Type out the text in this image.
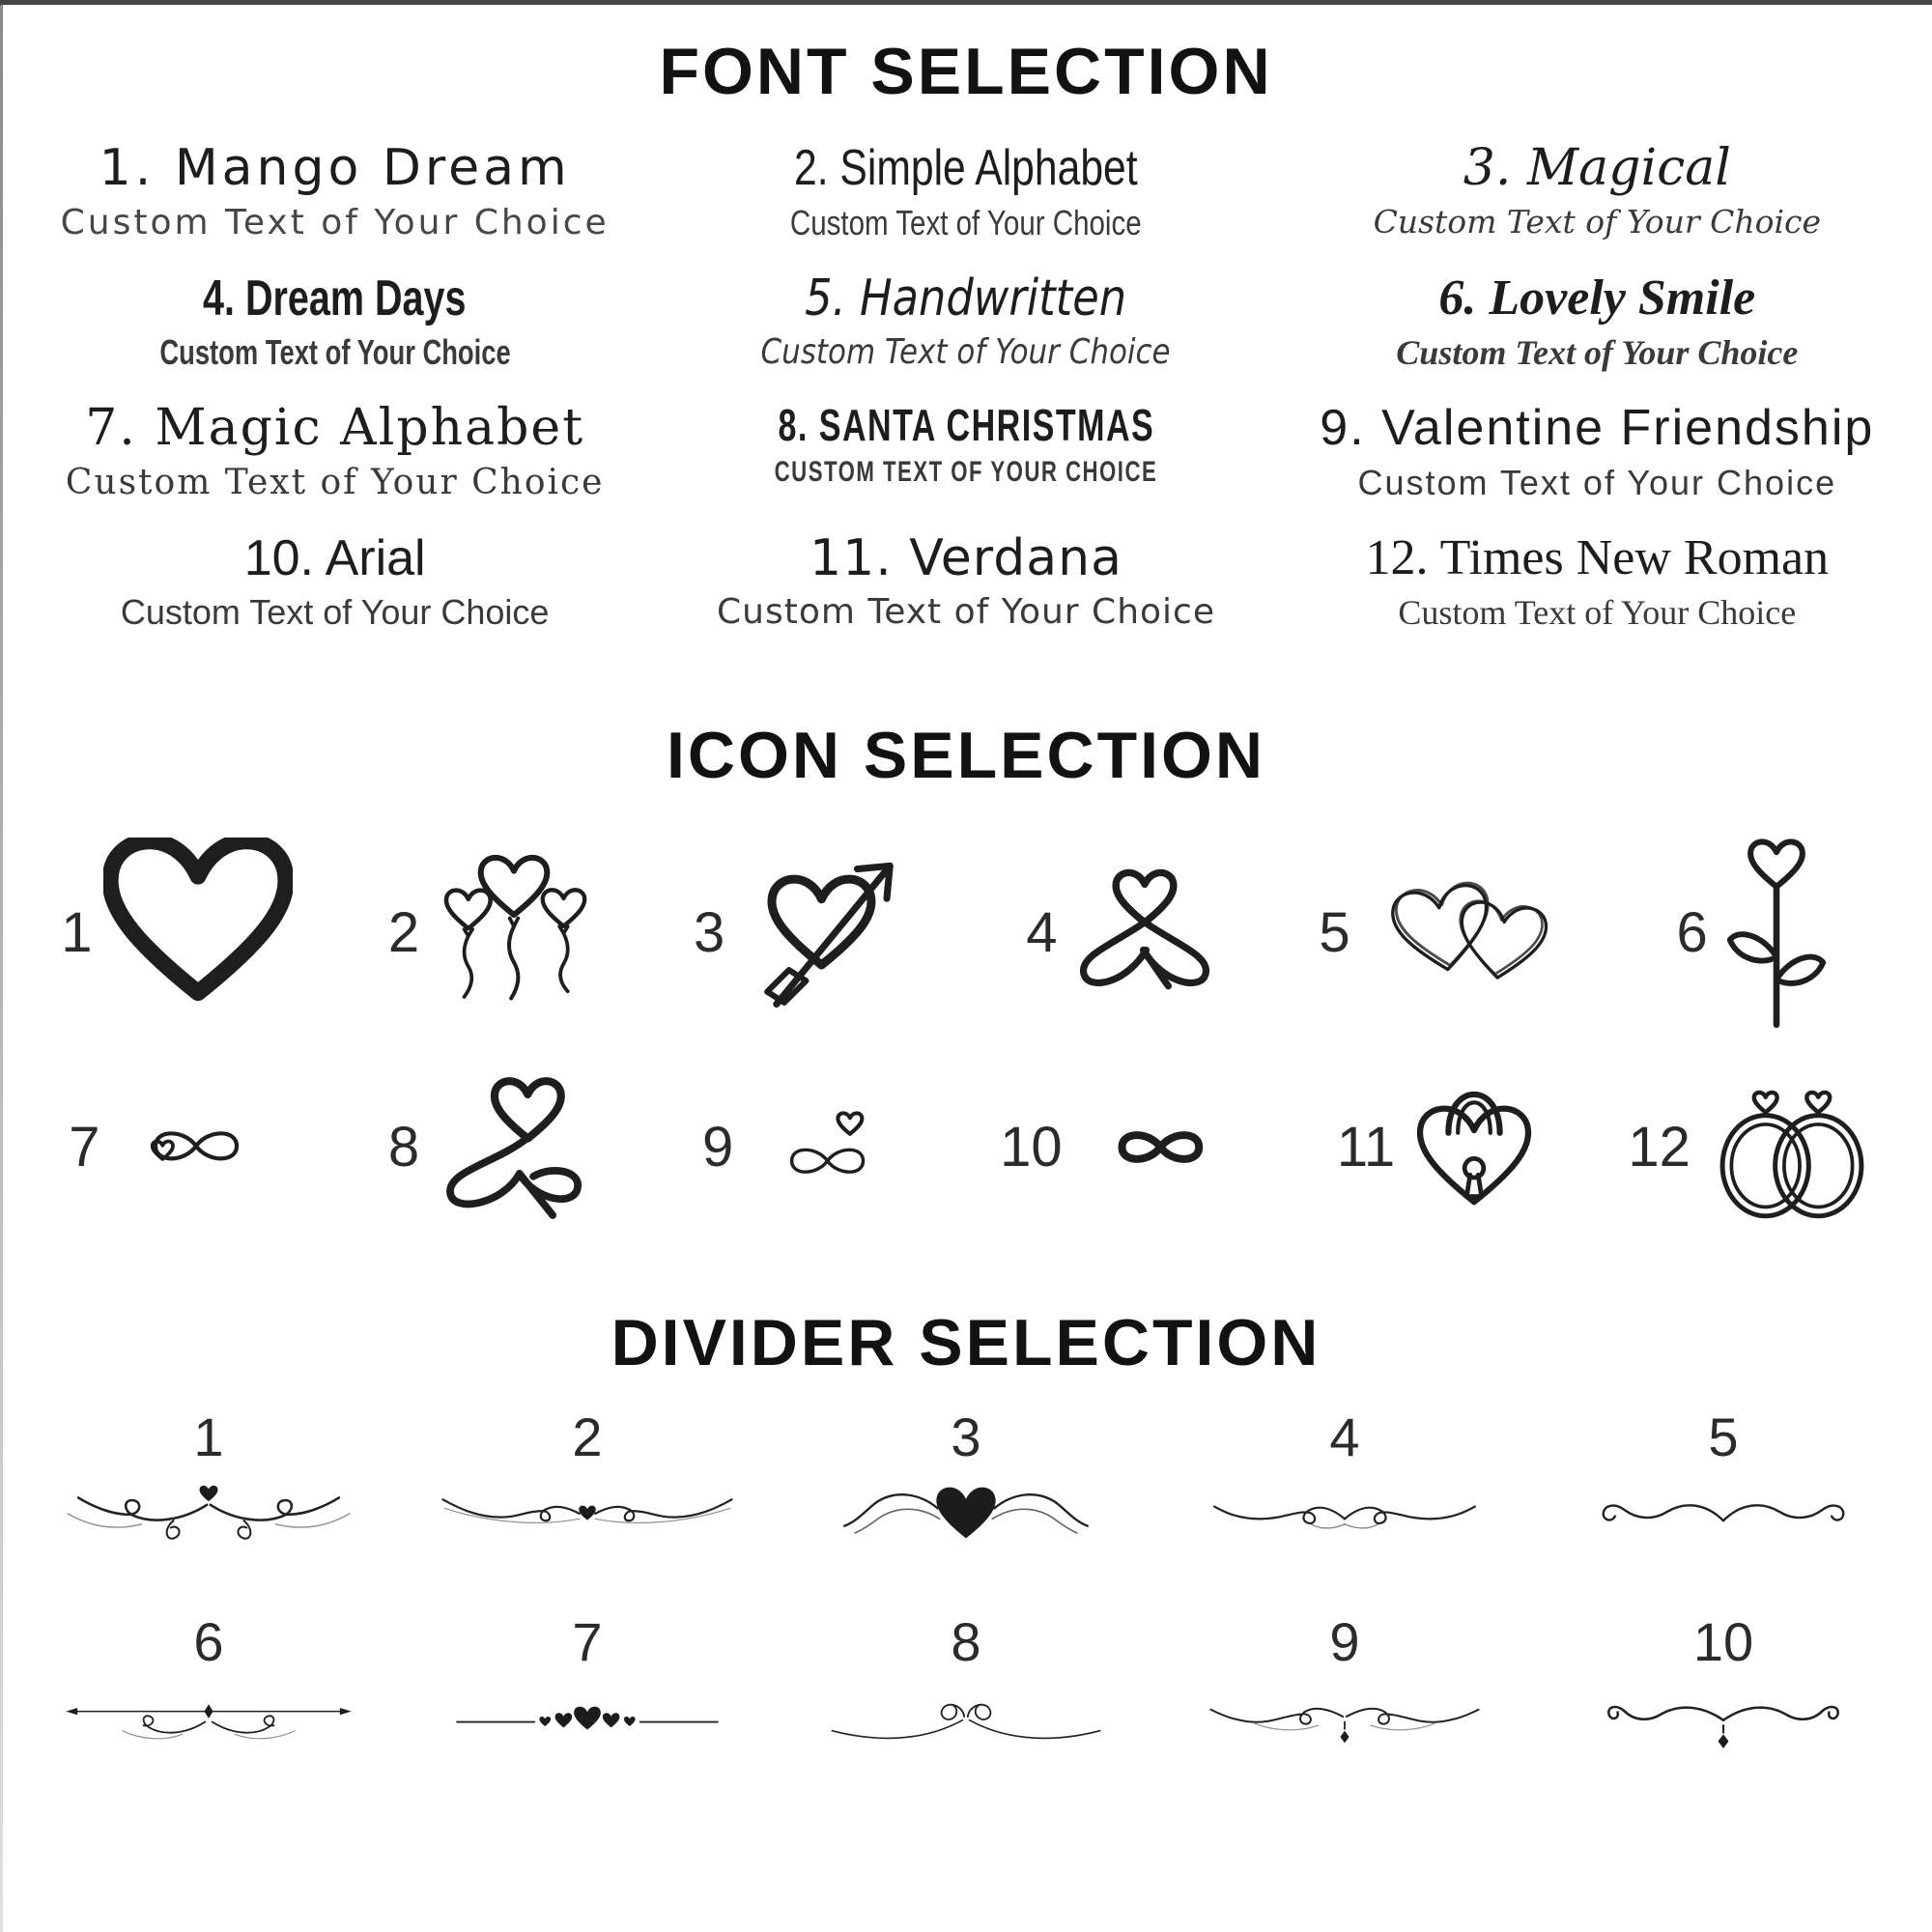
FONT SELECTION
1. Mango Dream
Custom Text of Your Choice
2. Simple Alphabet
Custom Text of Your Choice
3. Magical
Custom Text of Your Choice
4. Dream Days
Custom Text of Your Choice
5. Handwritten
Custom Text of Your Choice
6. Lovely Smile
Custom Text of Your Choice
7. Magic Alphabet
Custom Text of Your Choice
8. SANTA CHRISTMAS
CUSTOM TEXT OF YOUR CHOICE
9. Valentine Friendship
Custom Text of Your Choice
10. Arial
Custom Text of Your Choice
11. Verdana
Custom Text of Your Choice
12. Times New Roman
Custom Text of Your Choice
ICON SELECTION
1	2	3	4	5	6
7	8	9	10	11	12
DIVIDER SELECTION
1	2	3	4	5
6	7	8	9	10
